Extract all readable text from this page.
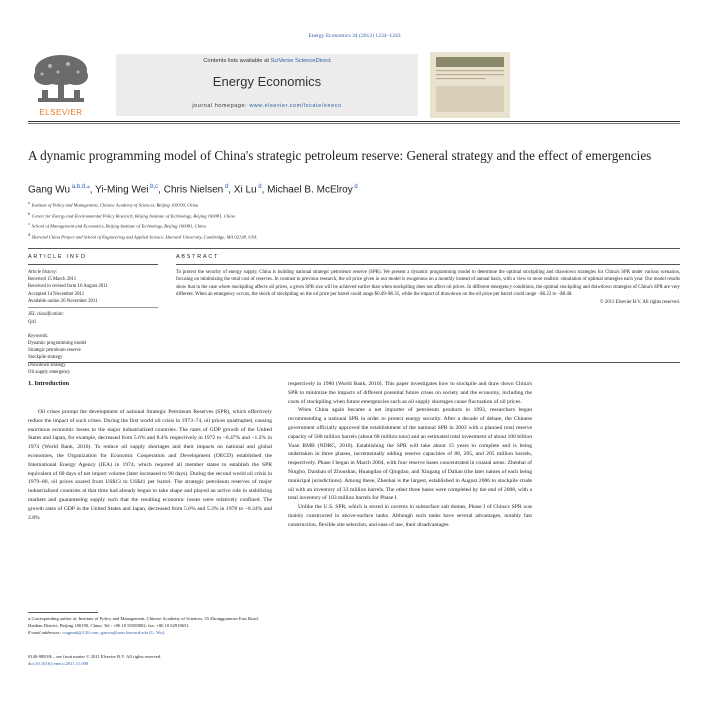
Energy Economics 34 (2012) 1234–1243
ELSEVIER
Contents lists available at SciVerse ScienceDirect
Energy Economics
journal homepage: www.elsevier.com/locate/eneco
A dynamic programming model of China's strategic petroleum reserve: General strategy and the effect of emergencies
Gang Wu $^{a,b,d,⁎}$, Yi-Ming Wei $^{b,c}$, Chris Nielsen $^d$, Xi Lu $^d$, Michael B. McElroy $^d$
$^a$Institute of Policy and Management, Chinese Academy of Sciences, Beijing 100190, China
$^b$Center for Energy and Environmental Policy Research, Beijing Institute of Technology, Beijing 100081, China
$^c$School of Management and Economics, Beijing Institute of Technology, Beijing 100081, China
$^d$Harvard China Project and School of Engineering and Applied Science, Harvard University, Cambridge, MA 02138, USA
ARTICLE INFO	ABSTRACT
Article history:
Received 15 March 2011
Received in revised form 16 August 2011
Accepted 14 November 2011
Available online 26 November 2011
JEL classification:
Q41
Keywords:
Dynamic programming model
Strategic petroleum reserve
Stockpile strategy
Drawdown strategy
Oil supply emergency
To protect the security of energy supply, China is building national strategic petroleum reserve (SPR). We present a dynamic programming model to determine the optimal stockpiling and drawdown strategies for China's SPR under various scenarios, focusing on minimizing the total cost of reserves. In contrast to previous research, the oil price given in our model is exogenous on a monthly instead of annual basis, with a view to more realistic simulation of optimal strategies each year. Our model results show that in the case where stockpiling affects oil prices, a given SPR size will be achieved earlier than when stockpiling does not affect oil prices. In different emergency conditions, the optimal stockpiling and drawdown strategies of China's SPR are very different. When an emergency occurs, the shock of stockpiling on the oil price per barrel could range $0.49–$6.35, while the impact of drawdown on the oil price per barrel could range −$6.22 to −$0.48.
© 2011 Elsevier B.V. All rights reserved.
1. Introduction

Oil crises prompt the development of national Strategic Petroleum Reserves (SPR), which effectively reduce the impact of such crises. During the first world oil crisis in 1973–74, oil prices quadrupled, causing enormous economic losses to the major industrialized countries. The rates of GDP growth of the United States and Japan, for example, decreased from 5.6% and 8.4% respectively in 1972 to −0.47% and −1.2% in 1974 (World Bank, 2010). To reduce oil supply shortages and their impacts on national and global economies, the Organization for Economic Cooperation and Development (OECD) established the International Energy Agency (IEA) in 1974, which required all member states to establish the SPR equivalent of 60 days of net import volume (later increased to 90 days). During the second world oil crisis in 1979–80, oil prices soared from US$13 to US$41 per barrel. The strategic petroleum reserves of major industrialized countries at that time had already begun to take shape and played an active role in stabilizing markets and guaranteeing supply such that the resulting economic losses were relatively confined. The growth rates of GDP in the United States and Japan, decreased from 5.6% and 5.3% in 1978 to −0.24% and 2.8%

respectively in 1980 (World Bank, 2010). This paper investigates how to stockpile and draw down China's SPR to minimize the impacts of different potential future crises on society and the economy, including the costs of stockpiling when future emergencies such as oil supply shortages cause fluctuation of oil prices.

When China again became a net importer of petroleum products in 1993, researchers began recommending a national SPR in order to protect energy security. After a decade of debate, the Chinese government officially approved the establishment of the national SPR in 2003 with a planned total reserve capacity of 500 million barrels (about 68 million tons) and an estimated total investment of about 100 billion Yuan RMB (NDRC, 2010). Establishing the SPR will take about 15 years to complete and is being undertaken in three phases, incrementally adding reserve capacities of 88, 205, and 205 million barrels, respectively. Phase I began in March 2004, with four reserve bases concentrated in coastal areas: Zhenhai of Ningbo, Daishan of Zhoushan, Huangdao of Qingdao, and Xingang of Dalian (the later names of each being municipal jurisdictions). Among these, Zhenhai is the largest, established in August 2006 to stockpile crude oil with an inventory of 33 million barrels. The other three bases were completed by the end of 2008, with a total inventory of 103 million barrels for Phase I.

Unlike the U.S. SPR, which is stored in caverns in subsurface salt domes, Phase I of China's SPR was mainly constructed in above-surface tanks. Although such tanks have several advantages, notably fast construction, flexible site selection, and ease of use, their disadvantages

⁎ Corresponding author at: Institute of Policy and Management, Chinese Academy of Sciences, 55 Zhongguancun East Road, Haidian District, Beijing 100190, China. Tel.: +86 10 59358802; fax: +86 10 62918651.
E-mail addresses: wugmail@126.com, ganwu@seas.harvard.edu (G. Wu).
0140-9883/$ – see front matter © 2011 Elsevier B.V. All rights reserved.
doi:10.1016/j.eneco.2011.11.008
